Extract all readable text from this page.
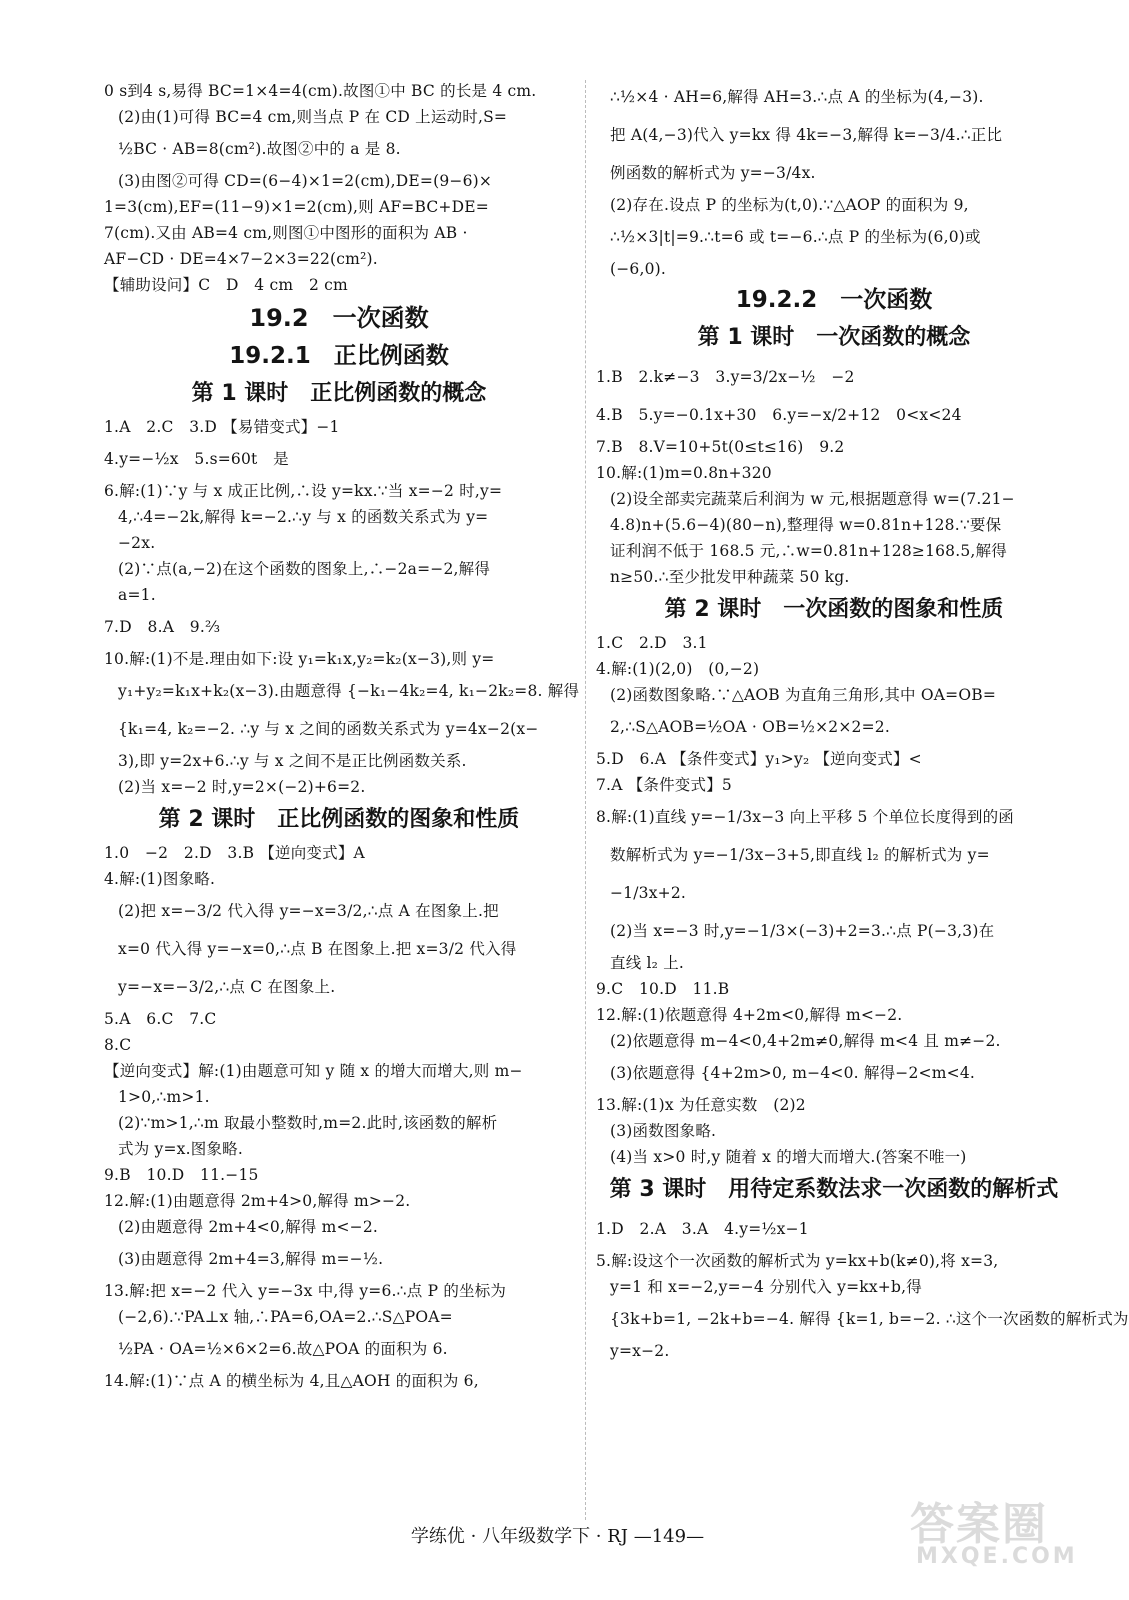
0 s到4 s,易得 BC=1×4=4(cm).故图①中 BC 的长是 4 cm.
(2)由(1)可得 BC=4 cm,则当点 P 在 CD 上运动时,S=
½BC · AB=8(cm²).故图②中的 a 是 8.
(3)由图②可得 CD=(6−4)×1=2(cm),DE=(9−6)×
1=3(cm),EF=(11−9)×1=2(cm),则 AF=BC+DE=
7(cm).又由 AB=4 cm,则图①中图形的面积为 AB ·
AF−CD · DE=4×7−2×3=22(cm²).
【辅助设问】C　D　4 cm　2 cm
19.2　一次函数
19.2.1　正比例函数
第 1 课时　正比例函数的概念
1.A　2.C　3.D 【易错变式】−1
4.y=−½x　5.s=60t　是
6.解:(1)∵y 与 x 成正比例,∴设 y=kx.∵当 x=−2 时,y=
4,∴4=−2k,解得 k=−2.∴y 与 x 的函数关系式为 y=
−2x.
(2)∵点(a,−2)在这个函数的图象上,∴−2a=−2,解得
a=1.
7.D　8.A　9.⅔
10.解:(1)不是.理由如下:设 y₁=k₁x,y₂=k₂(x−3),则 y=
y₁+y₂=k₁x+k₂(x−3).由题意得 {−k₁−4k₂=4, k₁−2k₂=8. 解得
{k₁=4, k₂=−2. ∴y 与 x 之间的函数关系式为 y=4x−2(x−
3),即 y=2x+6.∴y 与 x 之间不是正比例函数关系.
(2)当 x=−2 时,y=2×(−2)+6=2.
第 2 课时　正比例函数的图象和性质
1.0　−2　2.D　3.B 【逆向变式】A
4.解:(1)图象略.
(2)把 x=−3/2 代入得 y=−x=3/2,∴点 A 在图象上.把
x=0 代入得 y=−x=0,∴点 B 在图象上.把 x=3/2 代入得
y=−x=−3/2,∴点 C 在图象上.
5.A　6.C　7.C
8.C
【逆向变式】解:(1)由题意可知 y 随 x 的增大而增大,则 m−
1>0,∴m>1.
(2)∵m>1,∴m 取最小整数时,m=2.此时,该函数的解析
式为 y=x.图象略.
9.B　10.D　11.−15
12.解:(1)由题意得 2m+4>0,解得 m>−2.
(2)由题意得 2m+4<0,解得 m<−2.
(3)由题意得 2m+4=3,解得 m=−½.
13.解:把 x=−2 代入 y=−3x 中,得 y=6.∴点 P 的坐标为
(−2,6).∵PA⊥x 轴,∴PA=6,OA=2.∴S△POA=
½PA · OA=½×6×2=6.故△POA 的面积为 6.
14.解:(1)∵点 A 的横坐标为 4,且△AOH 的面积为 6,
∴½×4 · AH=6,解得 AH=3.∴点 A 的坐标为(4,−3).
把 A(4,−3)代入 y=kx 得 4k=−3,解得 k=−3/4.∴正比
例函数的解析式为 y=−3/4x.
(2)存在.设点 P 的坐标为(t,0).∵△AOP 的面积为 9,
∴½×3|t|=9.∴t=6 或 t=−6.∴点 P 的坐标为(6,0)或
(−6,0).
19.2.2　一次函数
第 1 课时　一次函数的概念
1.B　2.k≠−3　3.y=3/2x−½　−2
4.B　5.y=−0.1x+30　6.y=−x/2+12　0<x<24
7.B　8.V=10+5t(0≤t≤16)　9.2
10.解:(1)m=0.8n+320
(2)设全部卖完蔬菜后利润为 w 元,根据题意得 w=(7.21−
4.8)n+(5.6−4)(80−n),整理得 w=0.81n+128.∵要保
证利润不低于 168.5 元,∴w=0.81n+128≥168.5,解得
n≥50.∴至少批发甲种蔬菜 50 kg.
第 2 课时　一次函数的图象和性质
1.C　2.D　3.1
4.解:(1)(2,0)　(0,−2)
(2)函数图象略.∵△AOB 为直角三角形,其中 OA=OB=
2,∴S△AOB=½OA · OB=½×2×2=2.
5.D　6.A 【条件变式】y₁>y₂ 【逆向变式】<
7.A 【条件变式】5
8.解:(1)直线 y=−1/3x−3 向上平移 5 个单位长度得到的函
数解析式为 y=−1/3x−3+5,即直线 l₂ 的解析式为 y=
−1/3x+2.
(2)当 x=−3 时,y=−1/3×(−3)+2=3.∴点 P(−3,3)在
直线 l₂ 上.
9.C　10.D　11.B
12.解:(1)依题意得 4+2m<0,解得 m<−2.
(2)依题意得 m−4<0,4+2m≠0,解得 m<4 且 m≠−2.
(3)依题意得 {4+2m>0, m−4<0. 解得−2<m<4.
13.解:(1)x 为任意实数　(2)2
(3)函数图象略.
(4)当 x>0 时,y 随着 x 的增大而增大.(答案不唯一)
第 3 课时　用待定系数法求一次函数的解析式
1.D　2.A　3.A　4.y=½x−1
5.解:设这个一次函数的解析式为 y=kx+b(k≠0),将 x=3,
y=1 和 x=−2,y=−4 分别代入 y=kx+b,得
{3k+b=1, −2k+b=−4. 解得 {k=1, b=−2. ∴这个一次函数的解析式为
y=x−2.
学练优 · 八年级数学下 · RJ —149—	答案圈
MXQE.COM
